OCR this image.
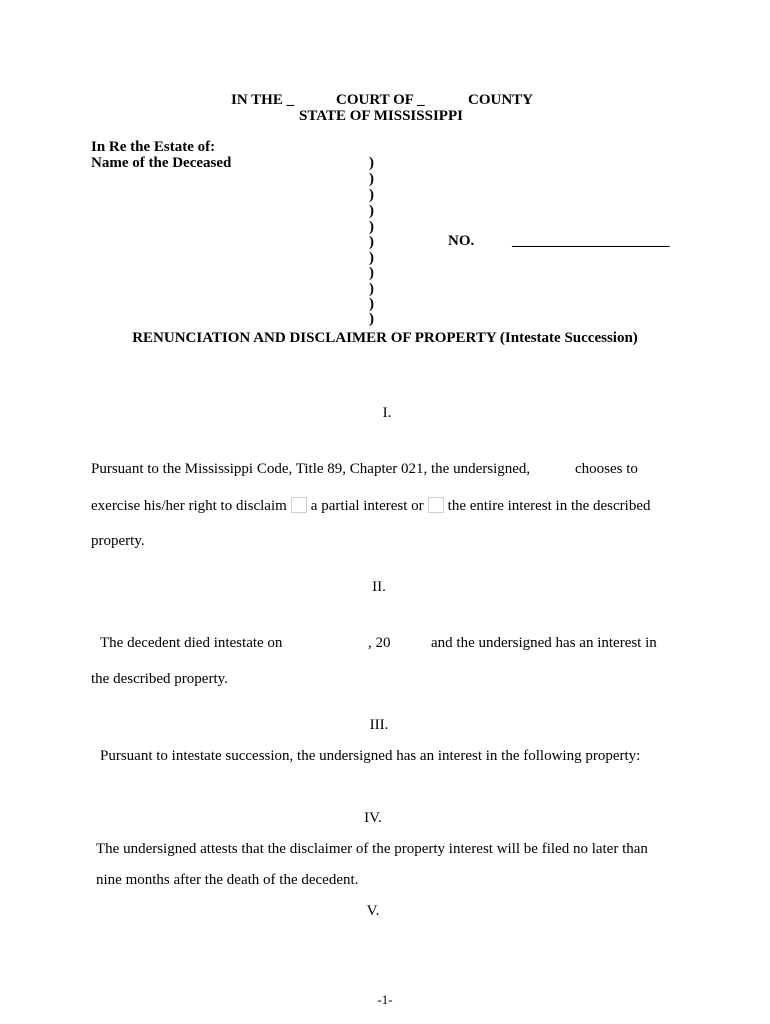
IN THE _	COURT OF _	COUNTY
STATE OF MISSISSIPPI
In Re the Estate of:
Name of the Deceased	)
)
)
)
)
)
)
)
)
)
)
NO.	_____________________
RENUNCIATION AND DISCLAIMER OF PROPERTY (Intestate Succession)
I.
Pursuant to the Mississippi Code, Title 89, Chapter 021, the undersigned,	chooses to
exercise his/her right to disclaim a partial interest or the entire interest in the described
property.
II.
The decedent died intestate on	, 20	and the undersigned has an interest in
the described property.
III.
Pursuant to intestate succession, the undersigned has an interest in the following property:
IV.
The undersigned attests that the disclaimer of the property interest will be filed no later than
nine months after the death of the decedent.
V.
-1-
